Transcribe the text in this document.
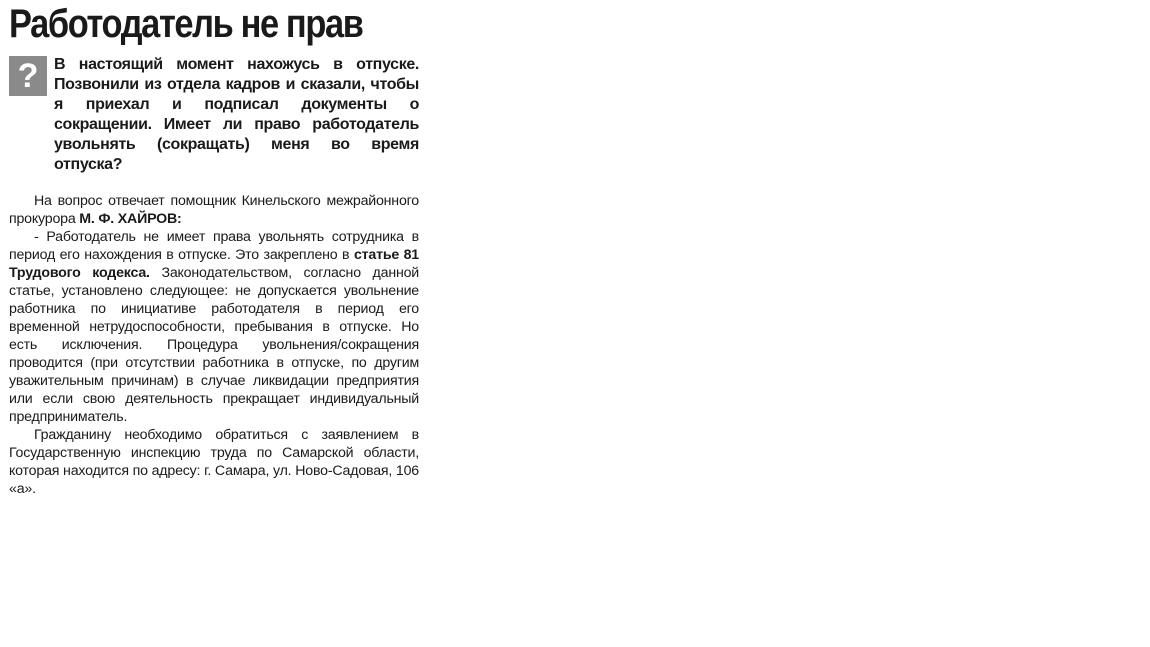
Работодатель не прав
? В настоящий момент нахожусь в отпуске. Позвонили из отдела кадров и сказали, чтобы я приехал и подписал документы о сокращении. Имеет ли право работодатель увольнять (сокращать) меня во время отпуска?

На вопрос отвечает помощник Кинельского межрайонного прокурора М. Ф. ХАЙРОВ:

- Работодатель не имеет права увольнять сотрудника в период его нахождения в отпуске. Это закреплено в статье 81 Трудового кодекса. Законодательством, согласно данной статье, установлено следующее: не допускается увольнение работника по инициативе работодателя в период его временной нетрудоспособности, пребывания в отпуске. Но есть исключения. Процедура увольнения/сокращения проводится (при отсутствии работника в отпуске, по другим уважительным причинам) в случае ликвидации предприятия или если свою деятельность прекращает индивидуальный предприниматель.

Гражданину необходимо обратиться с заявлением в Государственную инспекцию труда по Самарской области, которая находится по адресу: г. Самара, ул. Ново-Садовая, 106 «а».
